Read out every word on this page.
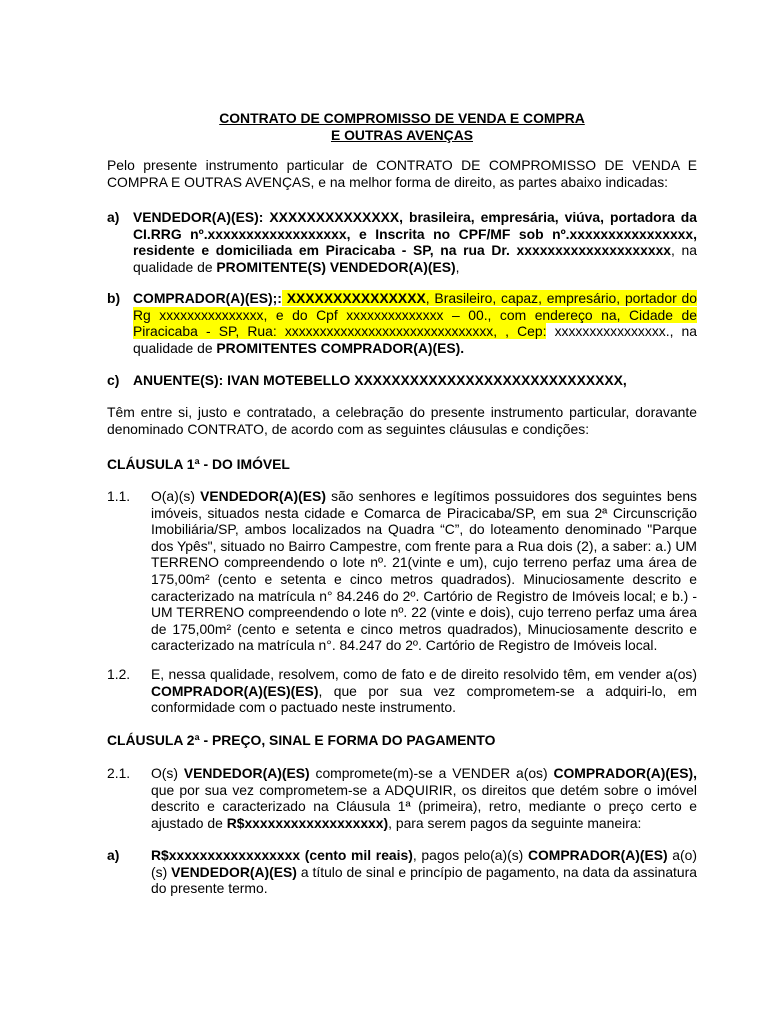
CONTRATO DE COMPROMISSO DE VENDA E COMPRA
E OUTRAS AVENÇAS
Pelo presente instrumento particular de CONTRATO DE COMPROMISSO DE VENDA E
COMPRA E OUTRAS AVENÇAS, e na melhor forma de direito, as partes abaixo indicadas:
a) VENDEDOR(A)(ES): XXXXXXXXXXXXXX, brasileira, empresária, viúva, portadora da
CI.RRG nº.xxxxxxxxxxxxxxxxxx, e Inscrita no CPF/MF sob nº.xxxxxxxxxxxxxxxx,
residente e domiciliada em Piracicaba - SP, na rua Dr. xxxxxxxxxxxxxxxxxxxx, na
qualidade de PROMITENTE(S) VENDEDOR(A)(ES),
b) COMPRADOR(A)(ES);: XXXXXXXXXXXXXXX, Brasileiro, capaz, empresário, portador do
Rg xxxxxxxxxxxxxxx, e do Cpf xxxxxxxxxxxxxx – 00., com endereço na, Cidade de
Piracicaba - SP, Rua: xxxxxxxxxxxxxxxxxxxxxxxxxxxxxx, , Cep: xxxxxxxxxxxxxxxx., na
qualidade de PROMITENTES COMPRADOR(A)(ES).
c) ANUENTE(S): IVAN MOTEBELLO XXXXXXXXXXXXXXXXXXXXXXXXXXXXX,
Têm entre si, justo e contratado, a celebração do presente instrumento particular, doravante
denominado CONTRATO, de acordo com as seguintes cláusulas e condições:
CLÁUSULA 1ª - DO IMÓVEL
1.1. O(a)(s) VENDEDOR(A)(ES) são senhores e legítimos possuidores dos seguintes bens
imóveis, situados nesta cidade e Comarca de Piracicaba/SP, em sua 2ª Circunscrição
Imobiliária/SP, ambos localizados na Quadra “C”, do loteamento denominado "Parque
dos Ypês", situado no Bairro Campestre, com frente para a Rua dois (2), a saber: a.) UM
TERRENO compreendendo o lote nº. 21(vinte e um), cujo terreno perfaz uma área de
175,00m² (cento e setenta e cinco metros quadrados). Minuciosamente descrito e
caracterizado na matrícula n° 84.246 do 2º. Cartório de Registro de Imóveis local; e b.) -
UM TERRENO compreendendo o lote nº. 22 (vinte e dois), cujo terreno perfaz uma área
de 175,00m² (cento e setenta e cinco metros quadrados), Minuciosamente descrito e
caracterizado na matrícula n°. 84.247 do 2º. Cartório de Registro de Imóveis local.
1.2. E, nessa qualidade, resolvem, como de fato e de direito resolvido têm, em vender a(os)
COMPRADOR(A)(ES)(ES), que por sua vez comprometem-se a adquiri-lo, em
conformidade com o pactuado neste instrumento.
CLÁUSULA 2ª - PREÇO, SINAL E FORMA DO PAGAMENTO
2.1. O(s) VENDEDOR(A)(ES) compromete(m)-se a VENDER a(os) COMPRADOR(A)(ES),
que por sua vez comprometem-se a ADQUIRIR, os direitos que detém sobre o imóvel
descrito e caracterizado na Cláusula 1ª (primeira), retro, mediante o preço certo e
ajustado de R$xxxxxxxxxxxxxxxxxx), para serem pagos da seguinte maneira:
a) R$xxxxxxxxxxxxxxxxx (cento mil reais), pagos pelo(a)(s) COMPRADOR(A)(ES) a(o)
(s) VENDEDOR(A)(ES) a título de sinal e princípio de pagamento, na data da assinatura
do presente termo.
